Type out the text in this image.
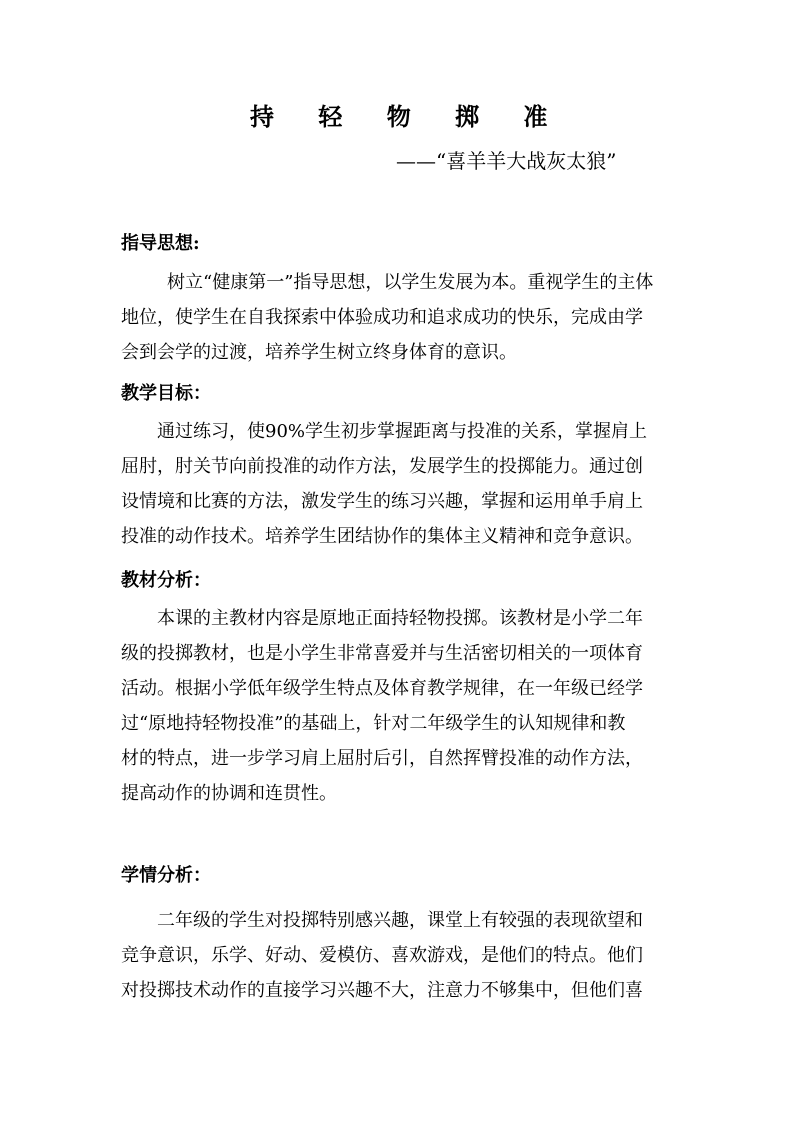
持 轻 物 掷 准
——“喜羊羊大战灰太狼”
指导思想:
树立“健康第一”指导思想，以学生发展为本。重视学生的主体
地位，使学生在自我探索中体验成功和追求成功的快乐，完成由学
会到会学的过渡，培养学生树立终身体育的意识。
教学目标：
通过练习，使90%学生初步掌握距离与投准的关系，掌握肩上
屈肘，肘关节向前投准的动作方法，发展学生的投掷能力。通过创
设情境和比赛的方法，激发学生的练习兴趣，掌握和运用单手肩上
投准的动作技术。培养学生团结协作的集体主义精神和竞争意识。
教材分析：
本课的主教材内容是原地正面持轻物投掷。该教材是小学二年
级的投掷教材，也是小学生非常喜爱并与生活密切相关的一项体育
活动。根据小学低年级学生特点及体育教学规律，在一年级已经学
过“原地持轻物投准”的基础上，针对二年级学生的认知规律和教
材的特点，进一步学习肩上屈肘后引，自然挥臂投准的动作方法，
提高动作的协调和连贯性。
学情分析：
二年级的学生对投掷特别感兴趣，课堂上有较强的表现欲望和
竞争意识，乐学、好动、爱模仿、喜欢游戏，是他们的特点。他们
对投掷技术动作的直接学习兴趣不大，注意力不够集中，但他们喜
